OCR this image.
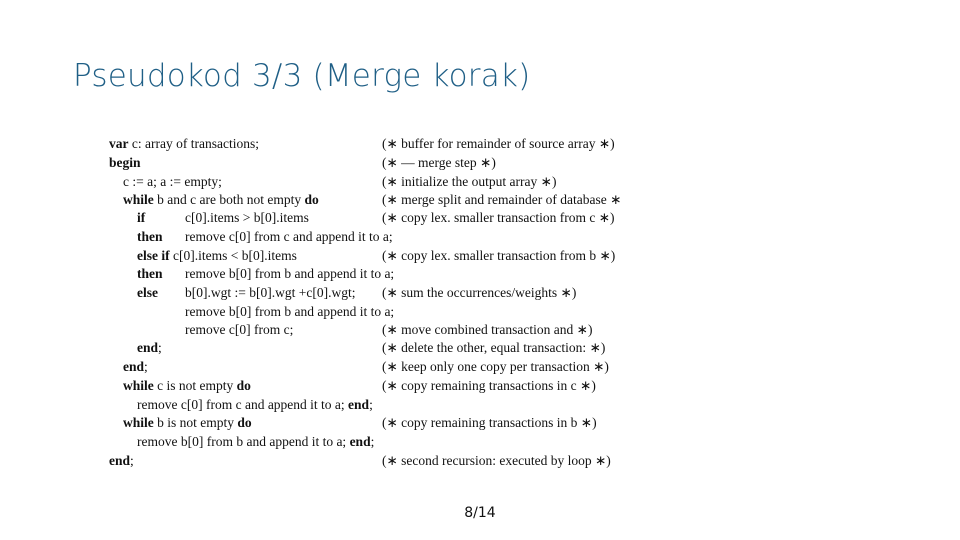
Pseudokod 3/3 (Merge korak)
var c: array of transactions;	(∗ buffer for remainder of source array ∗)
begin	(∗ — merge step ∗)
c := a; a := empty;	(∗ initialize the output array ∗)
while b and c are both not empty do	(∗ merge split and remainder of database ∗
if	c[0].items > b[0].items	(∗ copy lex. smaller transaction from c ∗)
then remove c[0] from c and append it to a;
else if c[0].items < b[0].items	(∗ copy lex. smaller transaction from b ∗)
then remove b[0] from b and append it to a;
else b[0].wgt := b[0].wgt +c[0].wgt; (∗ sum the occurrences/weights ∗)
remove b[0] from b and append it to a;
remove c[0] from c;	(∗ move combined transaction and ∗)
end;	(∗ delete the other, equal transaction: ∗)
end;	(∗ keep only one copy per transaction ∗)
while c is not empty do	(∗ copy remaining transactions in c ∗)
remove c[0] from c and append it to a; end;
while b is not empty do	(∗ copy remaining transactions in b ∗)
remove b[0] from b and append it to a; end;
end;	(∗ second recursion: executed by loop ∗)
8/14
